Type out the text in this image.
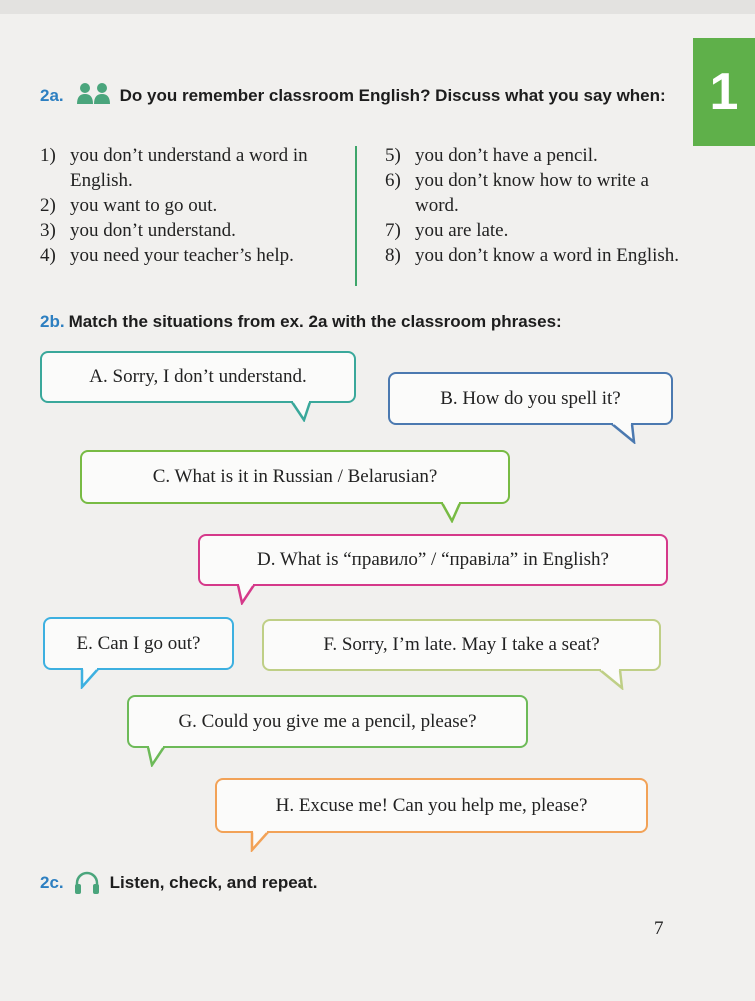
1
2a.	Do you remember classroom English? Discuss what you say when:
1) you don’t understand a word in English.
2) you want to go out.
3) you don’t understand.
4) you need your teacher’s help.
5) you don’t have a pencil.
6) you don’t know how to write a word.
7) you are late.
8) you don’t know a word in English.
2b. Match the situations from ex. 2a with the classroom phrases:
A. Sorry, I don’t understand.
B. How do you spell it?
C. What is it in Russian / Belarusian?
D. What is “правило” / “правіла” in English?
E. Can I go out?	F. Sorry, I’m late. May I take a seat?
G. Could you give me a pencil, please?
H. Excuse me! Can you help me, please?
2c.	Listen, check, and repeat.
7
